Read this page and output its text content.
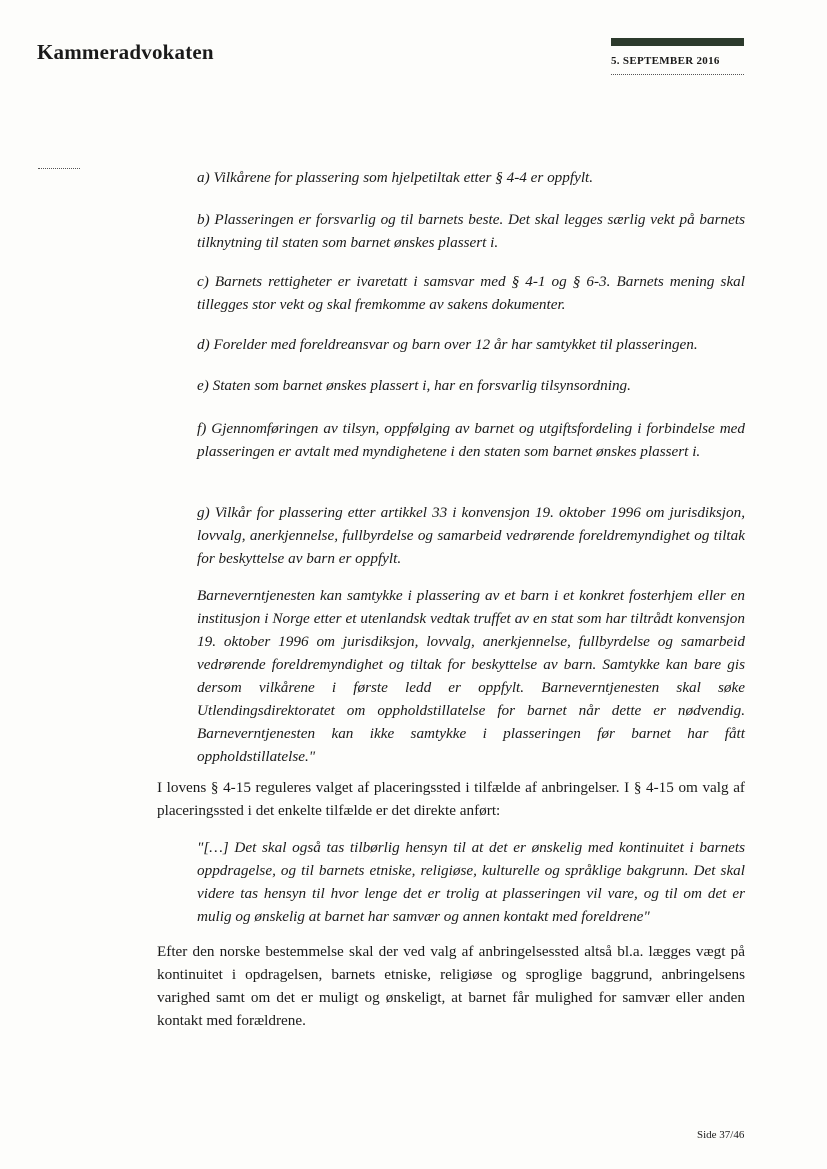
Kammeradvokaten	5. SEPTEMBER 2016
a) Vilkårene for plassering som hjelpetiltak etter § 4-4 er oppfylt.
b) Plasseringen er forsvarlig og til barnets beste. Det skal legges særlig vekt på barnets tilknytning til staten som barnet ønskes plassert i.
c) Barnets rettigheter er ivaretatt i samsvar med § 4-1 og § 6-3. Barnets mening skal tillegges stor vekt og skal fremkomme av sakens dokumenter.
d) Forelder med foreldreansvar og barn over 12 år har samtykket til plasseringen.
e) Staten som barnet ønskes plassert i, har en forsvarlig tilsynsordning.
f) Gjennomføringen av tilsyn, oppfølging av barnet og utgiftsfordeling i forbindelse med plasseringen er avtalt med myndighetene i den staten som barnet ønskes plassert i.
g) Vilkår for plassering etter artikkel 33 i konvensjon 19. oktober 1996 om jurisdiksjon, lovvalg, anerkjennelse, fullbyrdelse og samarbeid vedrørende foreldremyndighet og tiltak for beskyttelse av barn er oppfylt.
Barneverntjenesten kan samtykke i plassering av et barn i et konkret fosterhjem eller en institusjon i Norge etter et utenlandsk vedtak truffet av en stat som har tiltrådt konvensjon 19. oktober 1996 om jurisdiksjon, lovvalg, anerkjennelse, fullbyrdelse og samarbeid vedrørende foreldremyndighet og tiltak for beskyttelse av barn. Samtykke kan bare gis dersom vilkårene i første ledd er oppfylt. Barneverntjenesten skal søke Utlendingsdirektoratet om oppholdstillatelse for barnet når dette er nødvendig. Barneverntjenesten kan ikke samtykke i plasseringen før barnet har fått oppholdstillatelse."
I lovens § 4-15 reguleres valget af placeringssted i tilfælde af anbringelser. I § 4-15 om valg af placeringssted i det enkelte tilfælde er det direkte anført:
"[…] Det skal også tas tilbørlig hensyn til at det er ønskelig med kontinuitet i barnets oppdragelse, og til barnets etniske, religiøse, kulturelle og språklige bakgrunn. Det skal videre tas hensyn til hvor lenge det er trolig at plasseringen vil vare, og til om det er mulig og ønskelig at barnet har samvær og annen kontakt med foreldrene"
Efter den norske bestemmelse skal der ved valg af anbringelsessted altså bl.a. lægges vægt på kontinuitet i opdragelsen, barnets etniske, religiøse og sproglige baggrund, anbringelsens varighed samt om det er muligt og ønskeligt, at barnet får mulighed for samvær eller anden kontakt med forældrene.
Side 37/46
